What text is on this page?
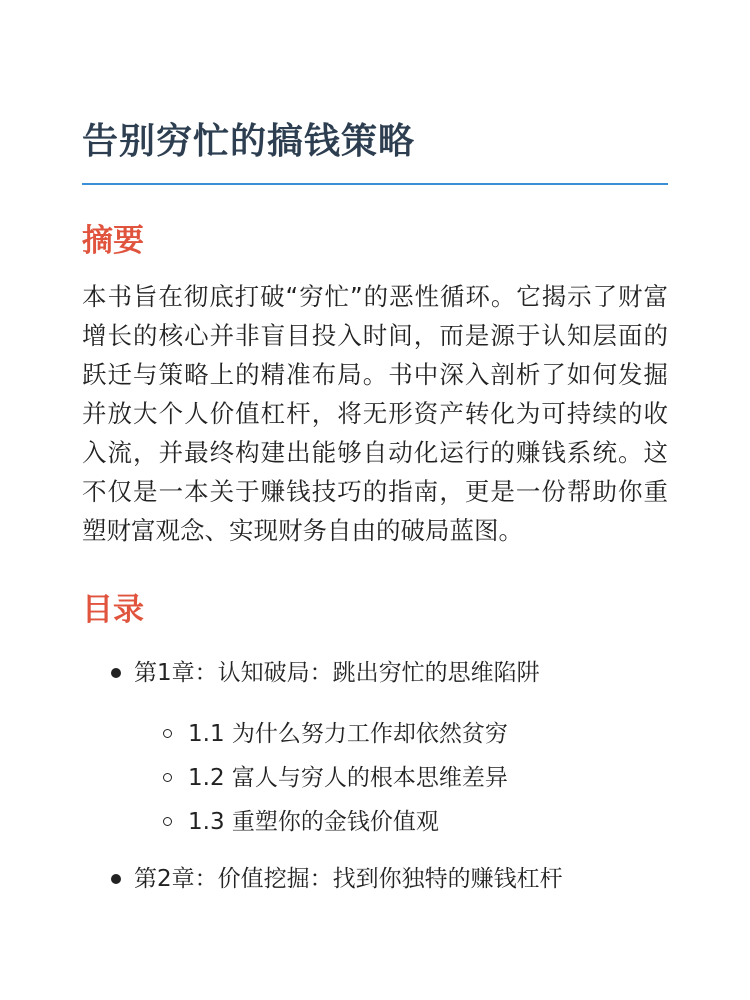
告别穷忙的搞钱策略
摘要

本书旨在彻底打破“穷忙”的恶性循环。它揭示了财富增长的核心并非盲目投入时间，而是源于认知层面的跃迁与策略上的精准布局。书中深入剖析了如何发掘并放大个人价值杠杆，将无形资产转化为可持续的收入流，并最终构建出能够自动化运行的赚钱系统。这不仅是一本关于赚钱技巧的指南，更是一份帮助你重塑财富观念、实现财务自由的破局蓝图。

目录
第1章：认知破局：跳出穷忙的思维陷阱
1.1 为什么努力工作却依然贫穷
1.2 富人与穷人的根本思维差异
1.3 重塑你的金钱价值观
第2章：价值挖掘：找到你独特的赚钱杠杆
